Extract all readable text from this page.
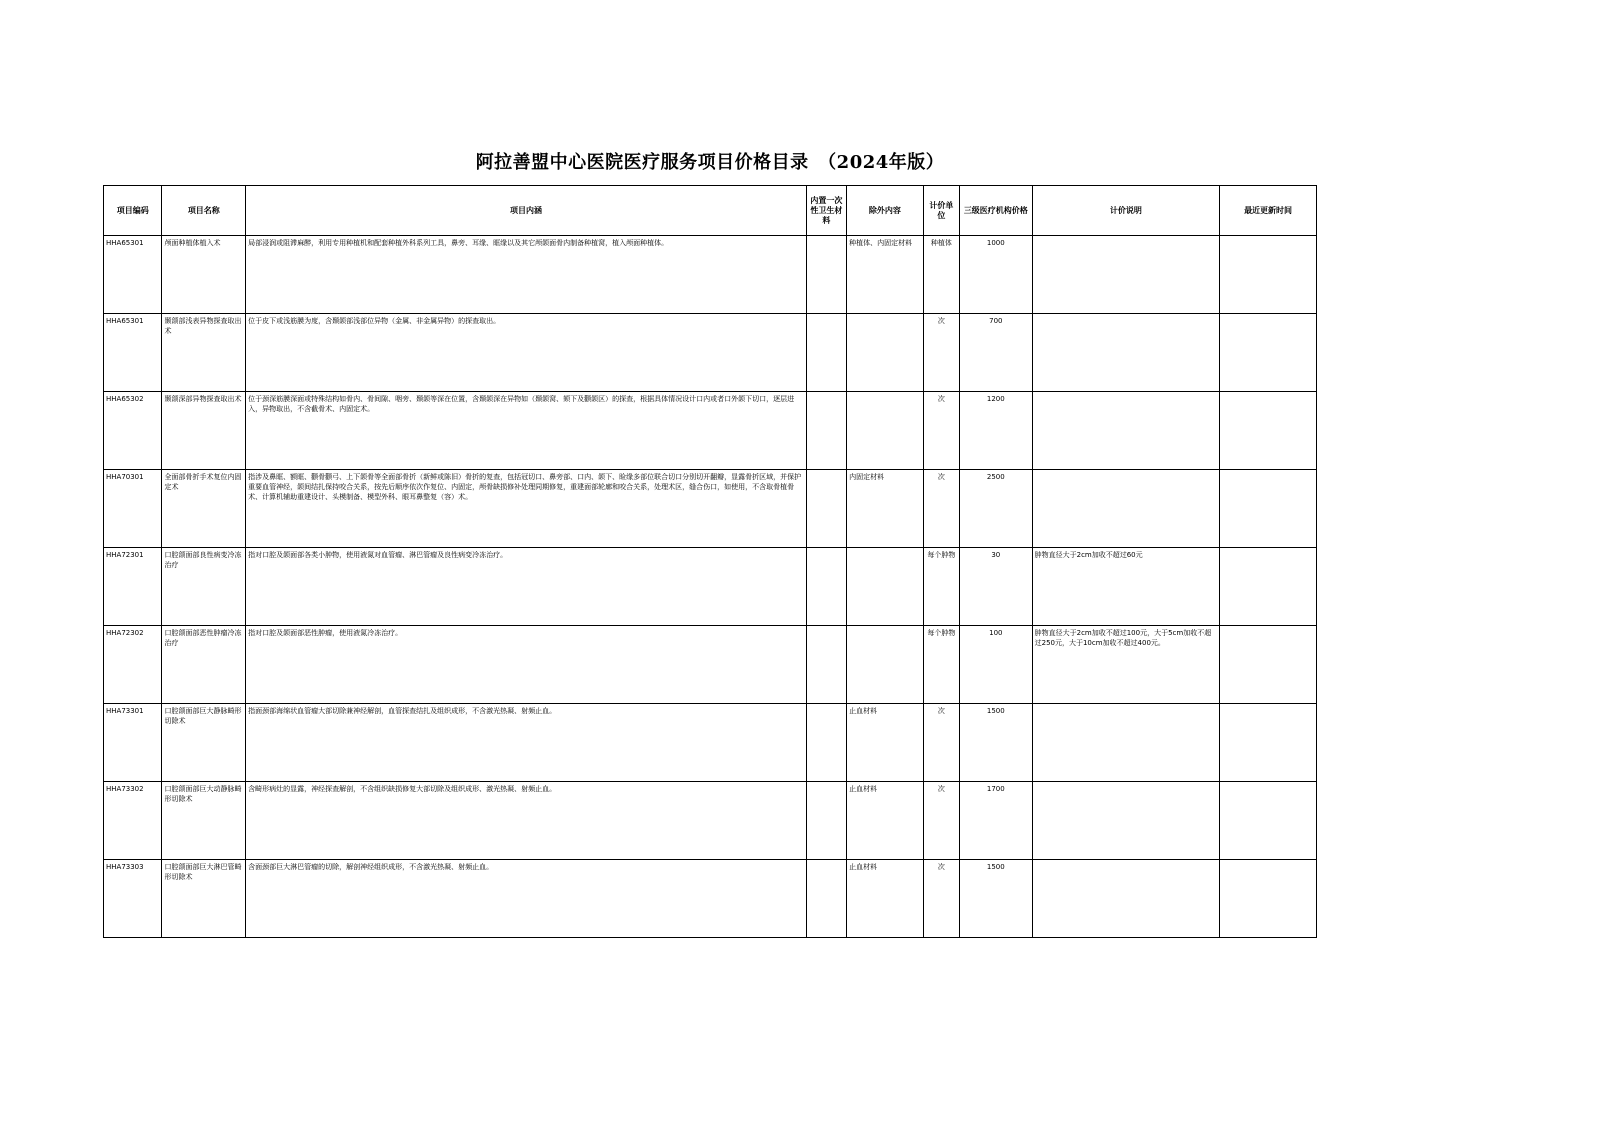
阿拉善盟中心医院医疗服务项目价格目录　（2024年版）
项目编码	项目名称	项目内涵	内置一次性卫生材料	除外内容	计价单位	三级医疗机构价格	计价说明	最近更新时间
HHA65301	颅面种植体植入术	局部浸润或阻滞麻醉，利用专用种植机和配套种植外科系列工具，鼻旁、耳缘、眶缘以及其它颅颌面骨内制备种植窝，植入颅面种植体。		种植体、内固定材料	种植体	1000		
HHA65301	颞颌部浅表异物探查取出术	位于皮下或浅筋膜为度，含颞颌部浅部位异物（金属、非金属异物）的探查取出。			次	700		
HHA65302	颞颌深部异物探查取出术	位于颈深筋膜深面或特殊结构如骨内、骨间隙、咽旁、颞颌等深在位置，含颞颌深在异物如（颞颌窝、颏下及颧颌区）的探查，根据具体情况设计口内或者口外颌下切口，逐层进入，异物取出，不含截骨术、内固定术。			次	1200		
HHA70301	全面部骨折手术复位内固定术	指涉及鼻眶、额眶、颧骨颧弓、上下颌骨等全面部骨折（新鲜或陈旧）骨折的复查，包括冠切口、鼻旁部、口内、颌下、睑缘多部位联合切口分别切开翻瓣，显露骨折区域，并保护重要血管神经，颌间结扎保持咬合关系，按先后顺序依次作复位、内固定，颅骨缺损修补处理同期修复，重建面部轮廓和咬合关系，处理术区，缝合伤口，如使用，不含取骨植骨术、计算机辅助重建设计、头模制备、模型外科、眼耳鼻整复（容）术。		内固定材料	次	2500		
HHA72301	口腔颌面部良性病变冷冻治疗	指对口腔及颌面部各类小肿物，使用液氮对血管瘤、淋巴管瘤及良性病变冷冻治疗。			每个肿物	30	肿物直径大于2cm加收不超过60元	
HHA72302	口腔颌面部恶性肿瘤冷冻治疗	指对口腔及颌面部恶性肿瘤，使用液氮冷冻治疗。			每个肿物	100	肿物直径大于2cm加收不超过100元，大于5cm加收不超过250元，大于10cm加收不超过400元。	
HHA73301	口腔颌面部巨大静脉畸形切除术	指面颈部海绵状血管瘤大部切除兼神经解剖，血管探查结扎及组织成形，不含激光热凝、射频止血。		止血材料	次	1500		
HHA73302	口腔颌面部巨大动静脉畸形切除术	含畸形病灶的显露，神经探查解剖，不含组织缺损修复大部切除及组织成形、激光热凝、射频止血。		止血材料	次	1700		
HHA73303	口腔颌面部巨大淋巴管畸形切除术	含面颈部巨大淋巴管瘤的切除，解剖神经组织成形，不含激光热凝、射频止血。		止血材料	次	1500		
